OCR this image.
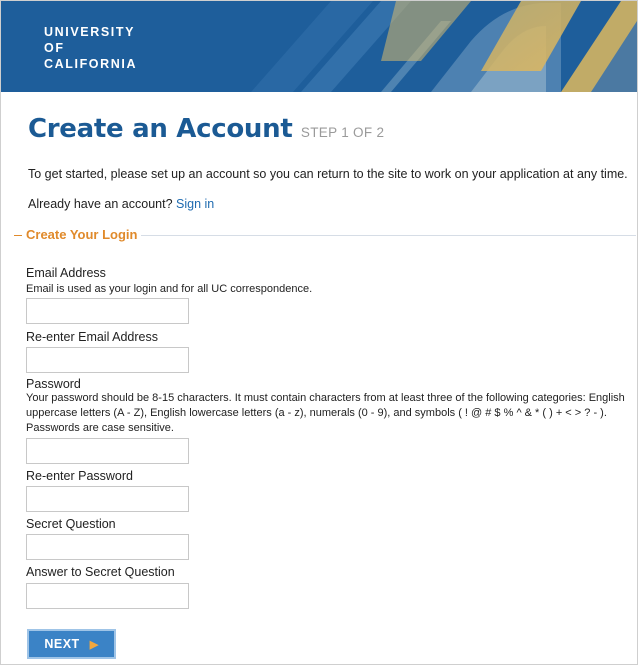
UNIVERSITY
OF
CALIFORNIA
Create an Account STEP 1 OF 2
To get started, please set up an account so you can return to the site to work on your application at any time.
Already have an account? Sign in
Create Your Login
Email Address
Email is used as your login and for all UC correspondence.
Re-enter Email Address
Password
Your password should be 8-15 characters. It must contain characters from at least three of the following categories: English uppercase letters (A - Z), English lowercase letters (a - z), numerals (0 - 9), and symbols ( ! @ # $ % ^ & * ( ) + < > ? - ). Passwords are case sensitive.
Re-enter Password
Secret Question
Answer to Secret Question
NEXT ▶
